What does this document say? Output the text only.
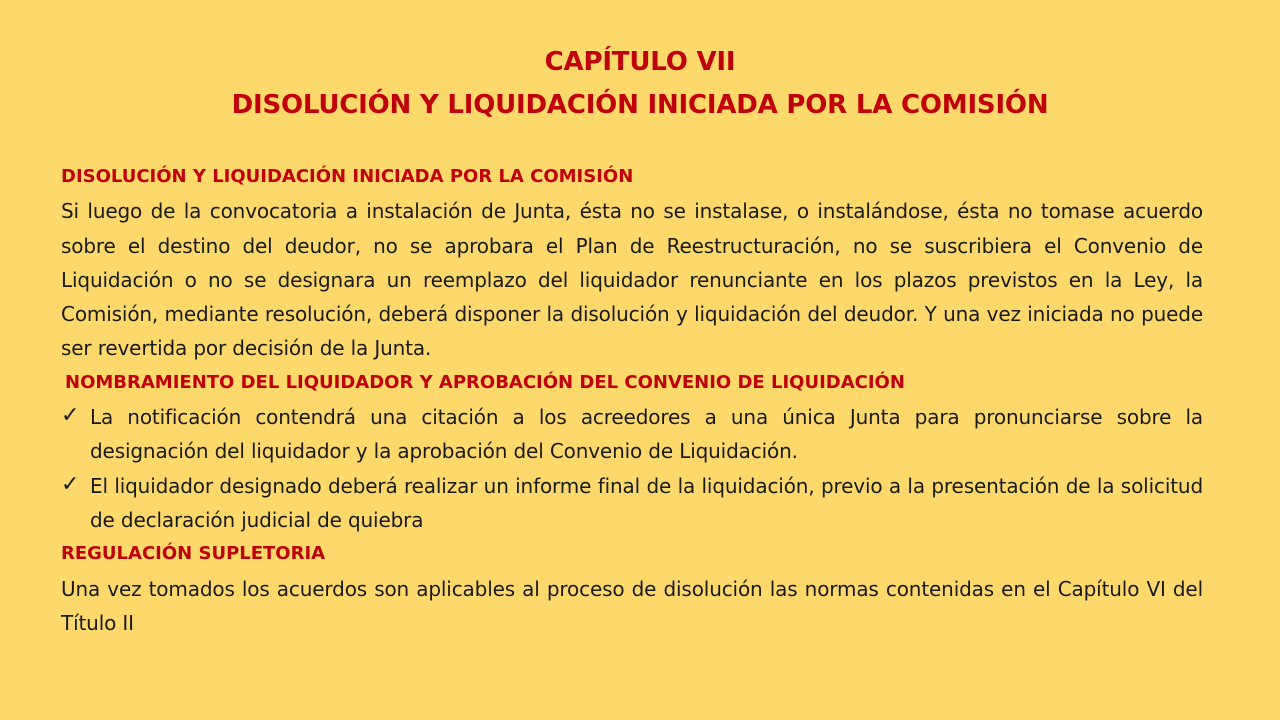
CAPÍTULO VII
DISOLUCIÓN Y LIQUIDACIÓN INICIADA POR LA COMISIÓN
DISOLUCIÓN Y LIQUIDACIÓN INICIADA POR LA COMISIÓN

Si luego de la convocatoria a instalación de Junta, ésta no se instalase, o instalándose, ésta no tomase acuerdo sobre el destino del deudor, no se aprobara el Plan de Reestructuración, no se suscribiera el Convenio de Liquidación o no se designara un reemplazo del liquidador renunciante en los plazos previstos en la Ley, la Comisión, mediante resolución, deberá disponer la disolución y liquidación del deudor. Y una vez iniciada no puede ser revertida por decisión de la Junta.

NOMBRAMIENTO DEL LIQUIDADOR Y APROBACIÓN DEL CONVENIO DE LIQUIDACIÓN
✓ La notificación contendrá una citación a los acreedores a una única Junta para pronunciarse sobre la designación del liquidador y la aprobación del Convenio de Liquidación.
✓ El liquidador designado deberá realizar un informe final de la liquidación, previo a la presentación de la solicitud de declaración judicial de quiebra
REGULACIÓN SUPLETORIA

Una vez tomados los acuerdos son aplicables al proceso de disolución las normas contenidas en el Capítulo VI del Título II
